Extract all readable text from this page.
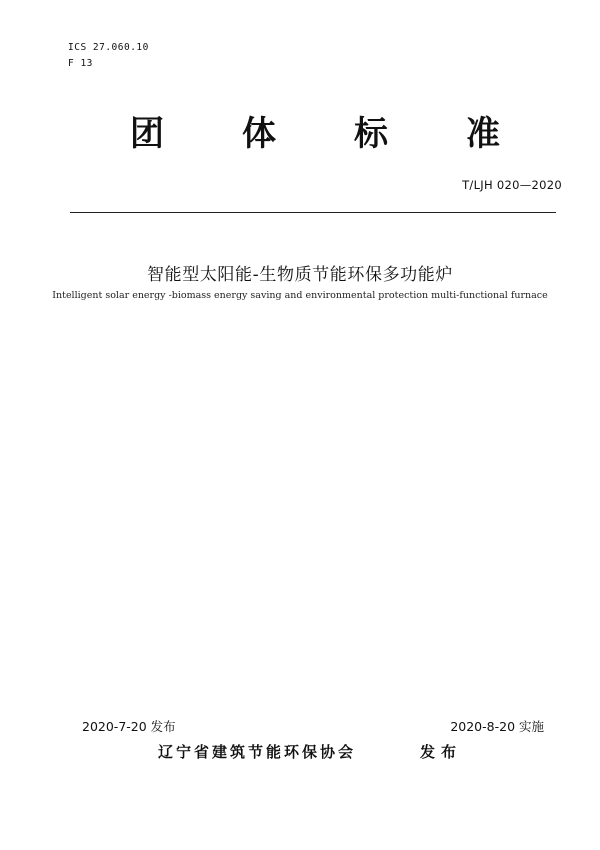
ICS 27.060.10
F 13
团 体 标 准
T/LJH 020—2020
智能型太阳能-生物质节能环保多功能炉
Intelligent solar energy -biomass energy saving and environmental protection multi-functional furnace
2020-7-20 发布	2020-8-20 实施
辽宁省建筑节能环保协会	发布
